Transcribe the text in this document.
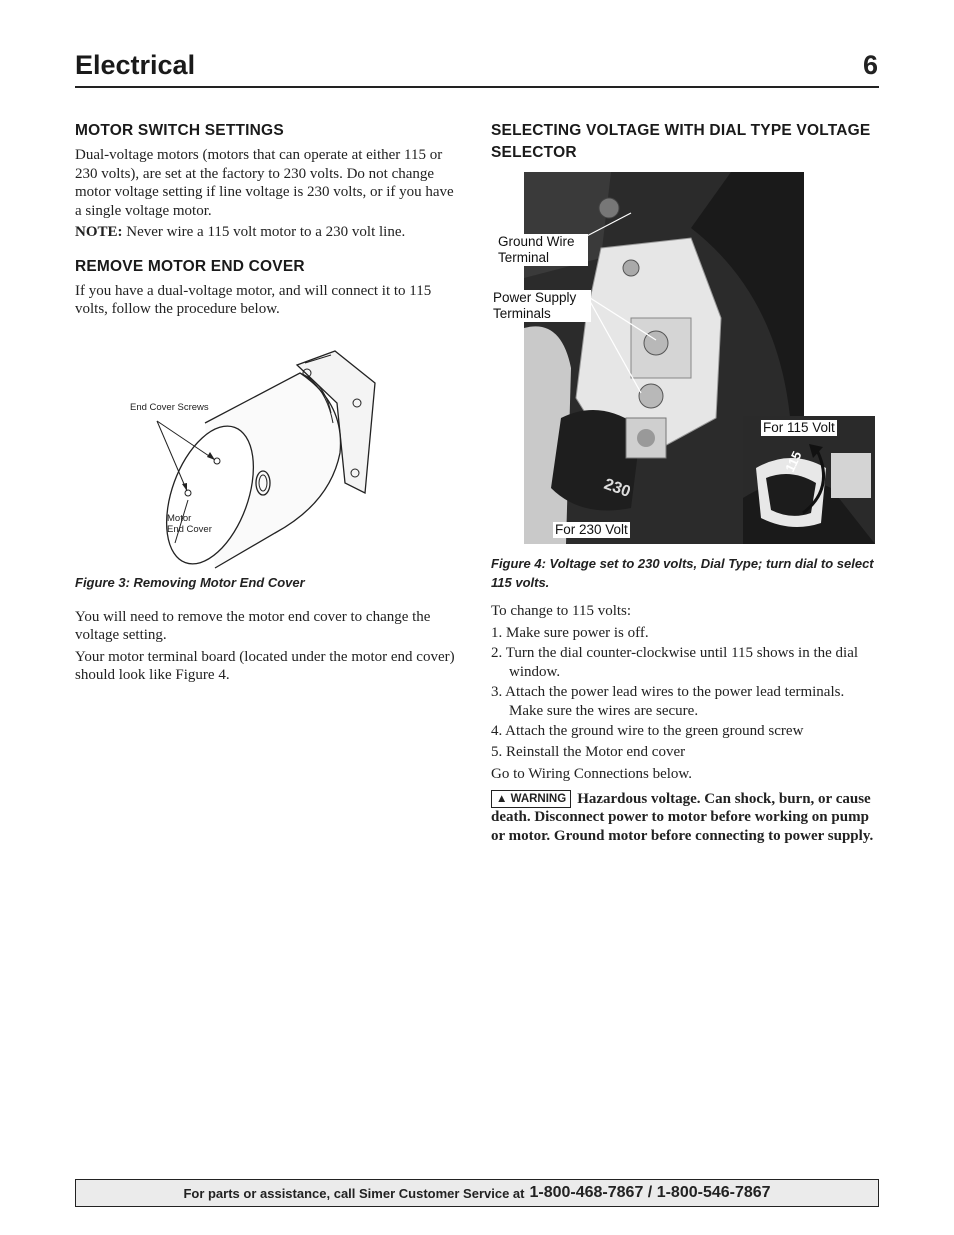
Electrical	6
MOTOR SWITCH SETTINGS

Dual-voltage motors (motors that can operate at either 115 or 230 volts), are set at the factory to 230 volts. Do not change motor voltage setting if line voltage is 230 volts, or if you have a single voltage motor.

NOTE: Never wire a 115 volt motor to a 230 volt line.

REMOVE MOTOR END COVER

If you have a dual-voltage motor, and will connect it to 115 volts, follow the procedure below.

End Cover Screws
Motor
End Cover

Figure 3: Removing Motor End Cover

You will need to remove the motor end cover to change the voltage setting.

Your motor terminal board (located under the motor end cover) should look like Figure 4.

SELECTING VOLTAGE WITH DIAL TYPE VOLTAGE SELECTOR
230
115
Ground Wire Terminal
Power Supply Terminals
For 115 Volt
For 230 Volt

Figure 4: Voltage set to 230 volts, Dial Type; turn dial to select 115 volts.

To change to 115 volts:

1. Make sure power is off.
2. Turn the dial counter-clockwise until 115 shows in the dial window.
3. Attach the power lead wires to the power lead terminals. Make sure the wires are secure.
4. Attach the ground wire to the green ground screw
5. Reinstall the Motor end cover

Go to Wiring Connections below.

▲ WARNING Hazardous voltage. Can shock, burn, or cause death. Disconnect power to motor before working on pump or motor. Ground motor before connecting to power supply.

For parts or assistance, call Simer Customer Service at 1-800-468-7867 / 1-800-546-7867
